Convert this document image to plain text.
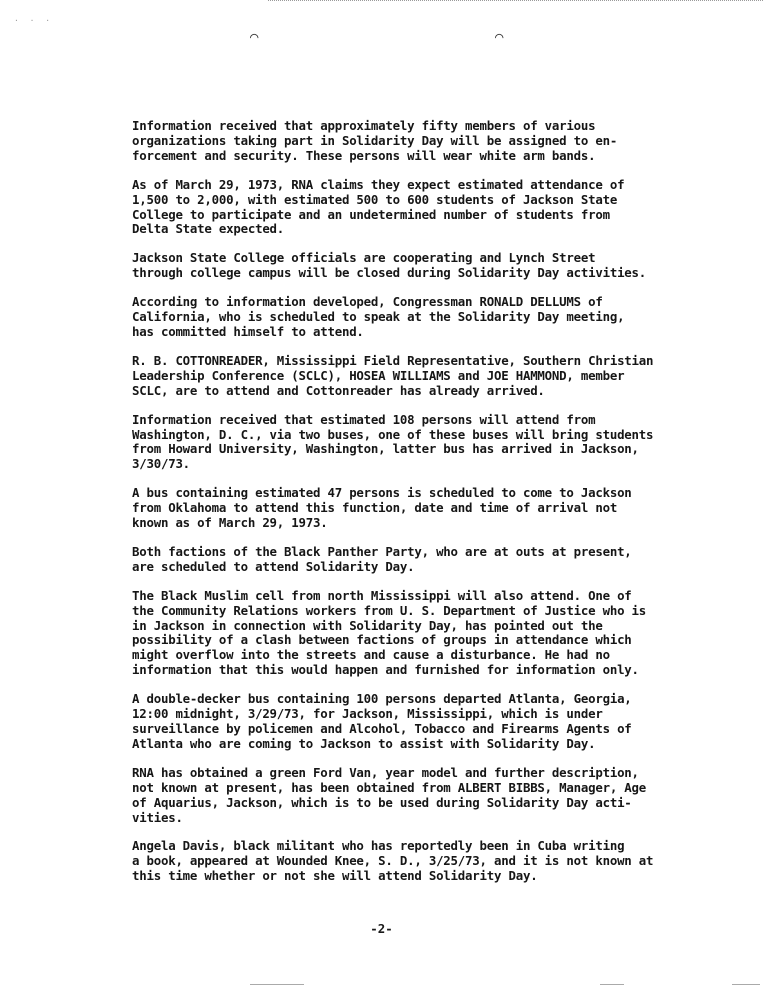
· · ·
⌒	⌒

Information received that approximately fifty members of various
organizations taking part in Solidarity Day will be assigned to en-
forcement and security. These persons will wear white arm bands.

As of March 29, 1973, RNA claims they expect estimated attendance of
1,500 to 2,000, with estimated 500 to 600 students of Jackson State
College to participate and an undetermined number of students from
Delta State expected.

Jackson State College officials are cooperating and Lynch Street
through college campus will be closed during Solidarity Day activities.

According to information developed, Congressman RONALD DELLUMS of
California, who is scheduled to speak at the Solidarity Day meeting,
has committed himself to attend.

R. B. COTTONREADER, Mississippi Field Representative, Southern Christian
Leadership Conference (SCLC), HOSEA WILLIAMS and JOE HAMMOND, member
SCLC, are to attend and Cottonreader has already arrived.

Information received that estimated 108 persons will attend from
Washington, D. C., via two buses, one of these buses will bring students
from Howard University, Washington, latter bus has arrived in Jackson,
3/30/73.

A bus containing estimated 47 persons is scheduled to come to Jackson
from Oklahoma to attend this function, date and time of arrival not
known as of March 29, 1973.

Both factions of the Black Panther Party, who are at outs at present,
are scheduled to attend Solidarity Day.

The Black Muslim cell from north Mississippi will also attend. One of
the Community Relations workers from U. S. Department of Justice who is
in Jackson in connection with Solidarity Day, has pointed out the
possibility of a clash between factions of groups in attendance which
might overflow into the streets and cause a disturbance. He had no
information that this would happen and furnished for information only.

A double-decker bus containing 100 persons departed Atlanta, Georgia,
12:00 midnight, 3/29/73, for Jackson, Mississippi, which is under
surveillance by policemen and Alcohol, Tobacco and Firearms Agents of
Atlanta who are coming to Jackson to assist with Solidarity Day.

RNA has obtained a green Ford Van, year model and further description,
not known at present, has been obtained from ALBERT BIBBS, Manager, Age
of Aquarius, Jackson, which is to be used during Solidarity Day acti-
vities.

Angela Davis, black militant who has reportedly been in Cuba writing
a book, appeared at Wounded Knee, S. D., 3/25/73, and it is not known at
this time whether or not she will attend Solidarity Day.

-2-
